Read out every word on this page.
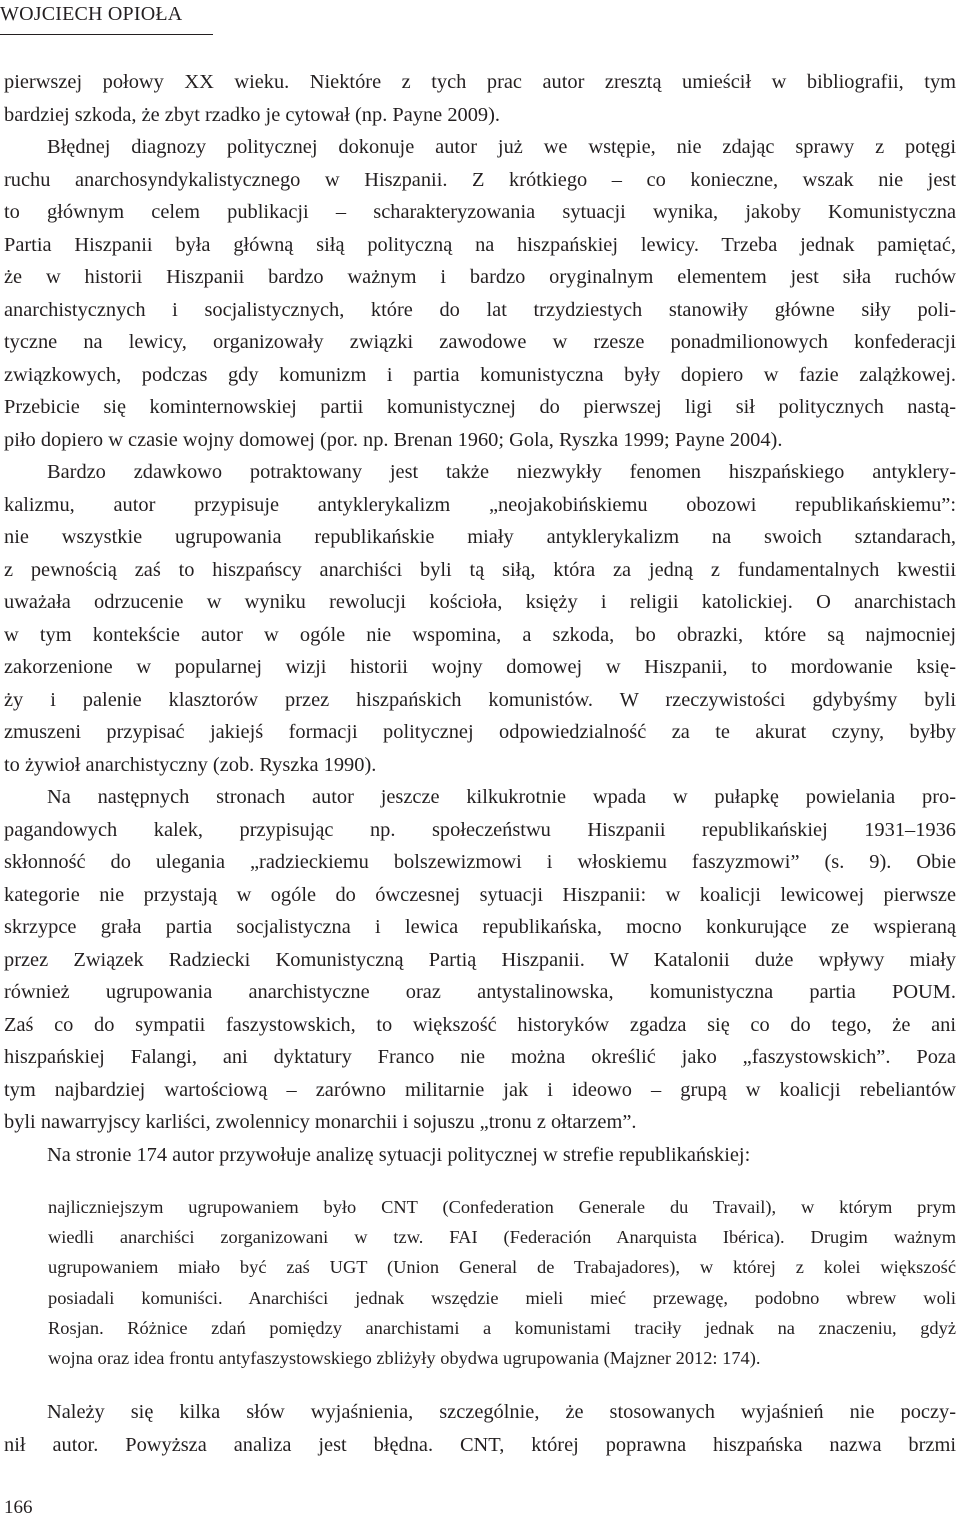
WOJCIECH OPIOŁA

pierwszej połowy XX wieku. Niektóre z tych prac autor zresztą umieścił w bibliografii, tym

bardziej szkoda, że zbyt rzadko je cytował (np. Payne 2009).

Błędnej diagnozy politycznej dokonuje autor już we wstępie, nie zdając sprawy z potęgi

ruchu anarchosyndykalistycznego w Hiszpanii. Z krótkiego – co konieczne, wszak nie jest

to głównym celem publikacji – scharakteryzowania sytuacji wynika, jakoby Komunistyczna

Partia Hiszpanii była główną siłą polityczną na hiszpańskiej lewicy. Trzeba jednak pamiętać,

że w historii Hiszpanii bardzo ważnym i bardzo oryginalnym elementem jest siła ruchów

anarchistycznych i socjalistycznych, które do lat trzydziestych stanowiły główne siły poli-

tyczne na lewicy, organizowały związki zawodowe w rzesze ponadmilionowych konfederacji

związkowych, podczas gdy komunizm i partia komunistyczna były dopiero w fazie zalążkowej.

Przebicie się kominternowskiej partii komunistycznej do pierwszej ligi sił politycznych nastą-

piło dopiero w czasie wojny domowej (por. np. Brenan 1960; Gola, Ryszka 1999; Payne 2004).

Bardzo zdawkowo potraktowany jest także niezwykły fenomen hiszpańskiego antyklery-

kalizmu, autor przypisuje antyklerykalizm „neojakobińskiemu obozowi republikańskiemu”:

nie wszystkie ugrupowania republikańskie miały antyklerykalizm na swoich sztandarach,

z pewnością zaś to hiszpańscy anarchiści byli tą siłą, która za jedną z fundamentalnych kwestii

uważała odrzucenie w wyniku rewolucji kościoła, księży i religii katolickiej. O anarchistach

w tym kontekście autor w ogóle nie wspomina, a szkoda, bo obrazki, które są najmocniej

zakorzenione w popularnej wizji historii wojny domowej w Hiszpanii, to mordowanie księ-

ży i palenie klasztorów przez hiszpańskich komunistów. W rzeczywistości gdybyśmy byli

zmuszeni przypisać jakiejś formacji politycznej odpowiedzialność za te akurat czyny, byłby

to żywioł anarchistyczny (zob. Ryszka 1990).

Na następnych stronach autor jeszcze kilkukrotnie wpada w pułapkę powielania pro-

pagandowych kalek, przypisując np. społeczeństwu Hiszpanii republikańskiej 1931–1936

skłonność do ulegania „radzieckiemu bolszewizmowi i włoskiemu faszyzmowi” (s. 9). Obie

kategorie nie przystają w ogóle do ówczesnej sytuacji Hiszpanii: w koalicji lewicowej pierwsze

skrzypce grała partia socjalistyczna i lewica republikańska, mocno konkurujące ze wspieraną

przez Związek Radziecki Komunistyczną Partią Hiszpanii. W Katalonii duże wpływy miały

również ugrupowania anarchistyczne oraz antystalinowska, komunistyczna partia POUM.

Zaś co do sympatii faszystowskich, to większość historyków zgadza się co do tego, że ani

hiszpańskiej Falangi, ani dyktatury Franco nie można określić jako „faszystowskich”. Poza

tym najbardziej wartościową – zarówno militarnie jak i ideowo – grupą w koalicji rebeliantów

byli nawarryjscy karliści, zwolennicy monarchii i sojuszu „tronu z ołtarzem”.

Na stronie 174 autor przywołuje analizę sytuacji politycznej w strefie republikańskiej:

najliczniejszym ugrupowaniem było CNT (Confederation Generale du Travail), w którym prym

wiedli anarchiści zorganizowani w tzw. FAI (Federación Anarquista Ibérica). Drugim ważnym

ugrupowaniem miało być zaś UGT (Union General de Trabajadores), w której z kolei większość

posiadali komuniści. Anarchiści jednak wszędzie mieli mieć przewagę, podobno wbrew woli

Rosjan. Różnice zdań pomiędzy anarchistami a komunistami traciły jednak na znaczeniu, gdyż

wojna oraz idea frontu antyfaszystowskiego zbliżyły obydwa ugrupowania (Majzner 2012: 174).

Należy się kilka słów wyjaśnienia, szczególnie, że stosowanych wyjaśnień nie poczy-

nił autor. Powyższa analiza jest błędna. CNT, której poprawna hiszpańska nazwa brzmi

166
